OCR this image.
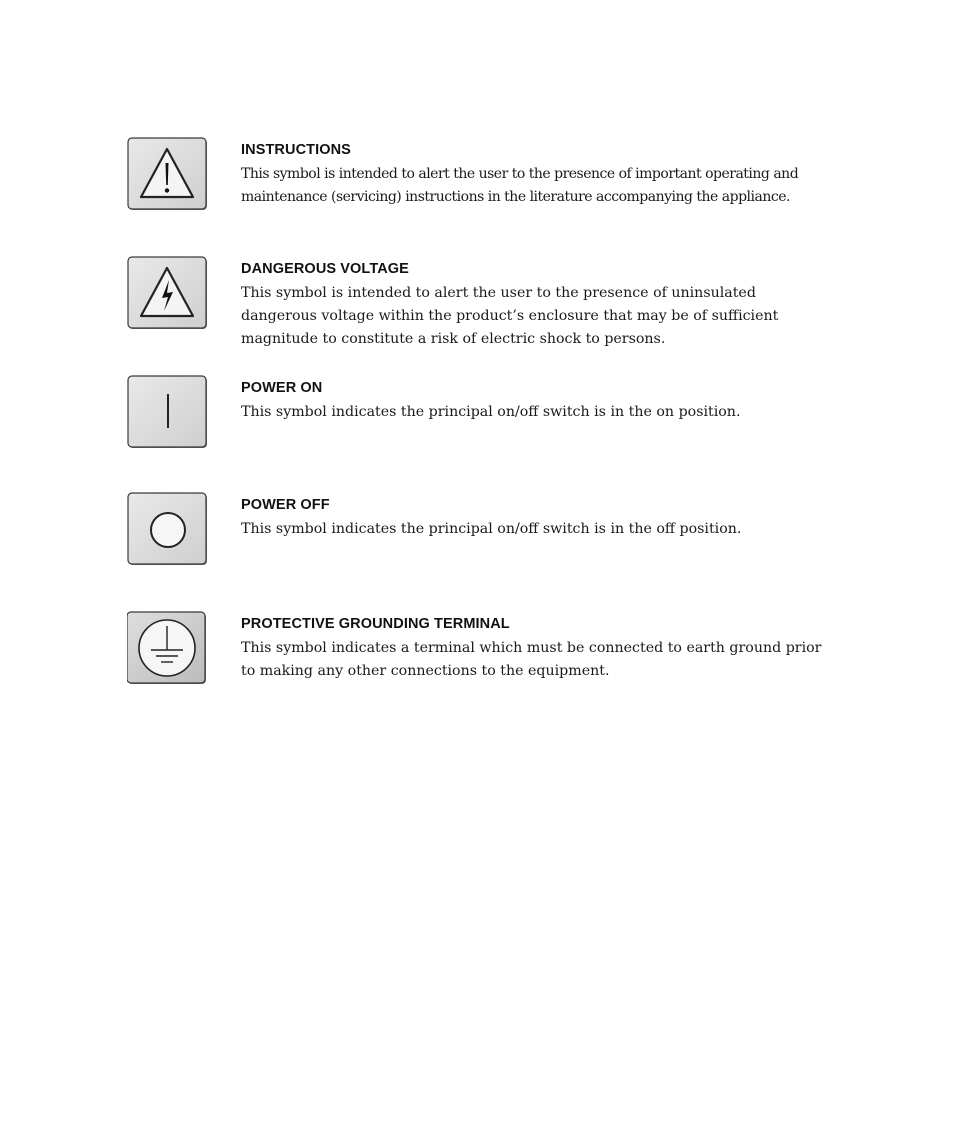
INSTRUCTIONS

This symbol is intended to alert the user to the presence of important operating and maintenance (servicing) instructions in the literature accompanying the appliance.

DANGEROUS VOLTAGE

This symbol is intended to alert the user to the presence of uninsulated dangerous voltage within the product’s enclosure that may be of sufficient magnitude to constitute a risk of electric shock to persons.

POWER ON

This symbol indicates the principal on/off switch is in the on position.

POWER OFF

This symbol indicates the principal on/off switch is in the off position.

PROTECTIVE GROUNDING TERMINAL

This symbol indicates a terminal which must be connected to earth ground prior to making any other connections to the equipment.
